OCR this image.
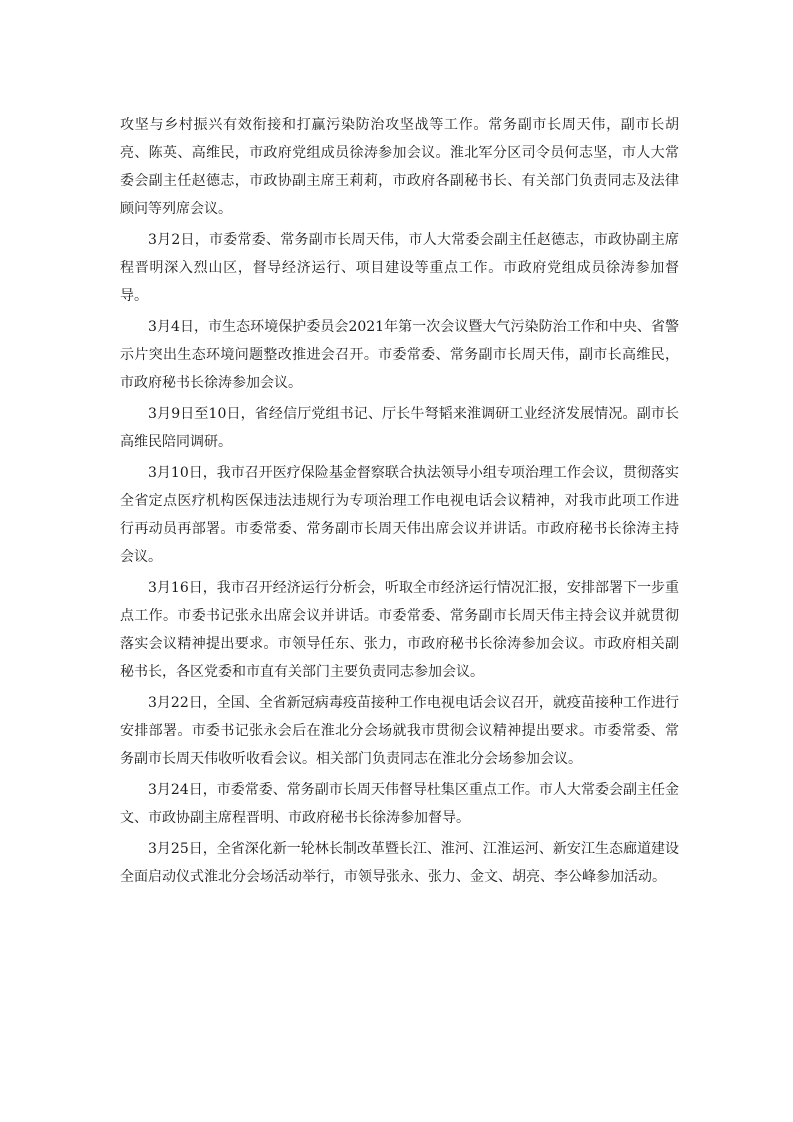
攻坚与乡村振兴有效衔接和打赢污染防治攻坚战等工作。常务副市长周天伟，副市长胡亮、陈英、高维民，市政府党组成员徐涛参加会议。淮北军分区司令员何志坚，市人大常委会副主任赵德志，市政协副主席王莉莉，市政府各副秘书长、有关部门负责同志及法律顾问等列席会议。

3月2日，市委常委、常务副市长周天伟，市人大常委会副主任赵德志，市政协副主席程晋明深入烈山区，督导经济运行、项目建设等重点工作。市政府党组成员徐涛参加督导。

3月4日，市生态环境保护委员会2021年第一次会议暨大气污染防治工作和中央、省警示片突出生态环境问题整改推进会召开。市委常委、常务副市长周天伟，副市长高维民，市政府秘书长徐涛参加会议。

3月9日至10日，省经信厅党组书记、厅长牛弩韬来淮调研工业经济发展情况。副市长高维民陪同调研。

3月10日，我市召开医疗保险基金督察联合执法领导小组专项治理工作会议，贯彻落实全省定点医疗机构医保违法违规行为专项治理工作电视电话会议精神，对我市此项工作进行再动员再部署。市委常委、常务副市长周天伟出席会议并讲话。市政府秘书长徐涛主持会议。

3月16日，我市召开经济运行分析会，听取全市经济运行情况汇报，安排部署下一步重点工作。市委书记张永出席会议并讲话。市委常委、常务副市长周天伟主持会议并就贯彻落实会议精神提出要求。市领导任东、张力，市政府秘书长徐涛参加会议。市政府相关副秘书长，各区党委和市直有关部门主要负责同志参加会议。

3月22日，全国、全省新冠病毒疫苗接种工作电视电话会议召开，就疫苗接种工作进行安排部署。市委书记张永会后在淮北分会场就我市贯彻会议精神提出要求。市委常委、常务副市长周天伟收听收看会议。相关部门负责同志在淮北分会场参加会议。

3月24日，市委常委、常务副市长周天伟督导杜集区重点工作。市人大常委会副主任金文、市政协副主席程晋明、市政府秘书长徐涛参加督导。

3月25日，全省深化新一轮林长制改革暨长江、淮河、江淮运河、新安江生态廊道建设全面启动仪式淮北分会场活动举行，市领导张永、张力、金文、胡亮、李公峰参加活动。
